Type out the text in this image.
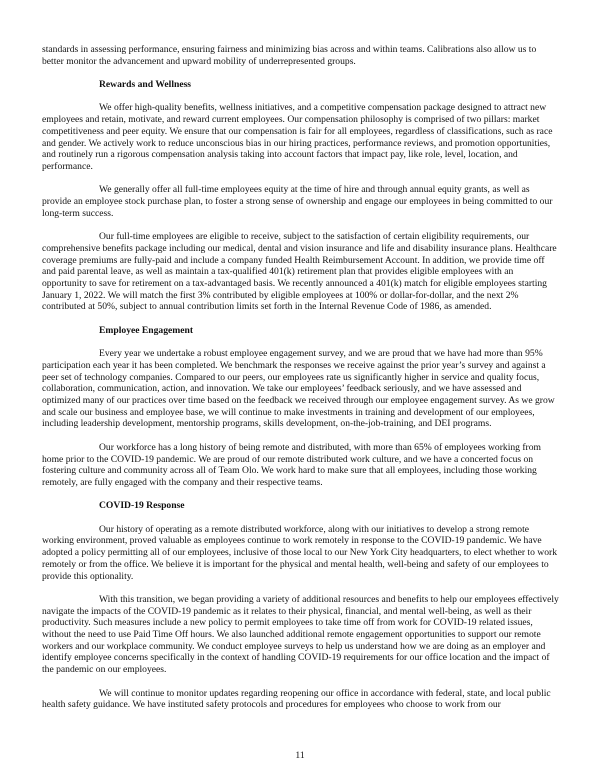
standards in assessing performance, ensuring fairness and minimizing bias across and within teams. Calibrations also allow us to better monitor the advancement and upward mobility of underrepresented groups.

Rewards and Wellness

We offer high-quality benefits, wellness initiatives, and a competitive compensation package designed to attract new employees and retain, motivate, and reward current employees. Our compensation philosophy is comprised of two pillars: market competitiveness and peer equity. We ensure that our compensation is fair for all employees, regardless of classifications, such as race and gender. We actively work to reduce unconscious bias in our hiring practices, performance reviews, and promotion opportunities, and routinely run a rigorous compensation analysis taking into account factors that impact pay, like role, level, location, and performance.

We generally offer all full-time employees equity at the time of hire and through annual equity grants, as well as provide an employee stock purchase plan, to foster a strong sense of ownership and engage our employees in being committed to our long-term success.

Our full-time employees are eligible to receive, subject to the satisfaction of certain eligibility requirements, our comprehensive benefits package including our medical, dental and vision insurance and life and disability insurance plans. Healthcare coverage premiums are fully-paid and include a company funded Health Reimbursement Account. In addition, we provide time off and paid parental leave, as well as maintain a tax-qualified 401(k) retirement plan that provides eligible employees with an opportunity to save for retirement on a tax-advantaged basis. We recently announced a 401(k) match for eligible employees starting January 1, 2022. We will match the first 3% contributed by eligible employees at 100% or dollar-for-dollar, and the next 2% contributed at 50%, subject to annual contribution limits set forth in the Internal Revenue Code of 1986, as amended.

Employee Engagement

Every year we undertake a robust employee engagement survey, and we are proud that we have had more than 95% participation each year it has been completed. We benchmark the responses we receive against the prior year’s survey and against a peer set of technology companies. Compared to our peers, our employees rate us significantly higher in service and quality focus, collaboration, communication, action, and innovation. We take our employees’ feedback seriously, and we have assessed and optimized many of our practices over time based on the feedback we received through our employee engagement survey. As we grow and scale our business and employee base, we will continue to make investments in training and development of our employees, including leadership development, mentorship programs, skills development, on-the-job-training, and DEI programs.

Our workforce has a long history of being remote and distributed, with more than 65% of employees working from home prior to the COVID-19 pandemic. We are proud of our remote distributed work culture, and we have a concerted focus on fostering culture and community across all of Team Olo. We work hard to make sure that all employees, including those working remotely, are fully engaged with the company and their respective teams.

COVID-19 Response

Our history of operating as a remote distributed workforce, along with our initiatives to develop a strong remote working environment, proved valuable as employees continue to work remotely in response to the COVID-19 pandemic. We have adopted a policy permitting all of our employees, inclusive of those local to our New York City headquarters, to elect whether to work remotely or from the office. We believe it is important for the physical and mental health, well-being and safety of our employees to provide this optionality.

With this transition, we began providing a variety of additional resources and benefits to help our employees effectively navigate the impacts of the COVID-19 pandemic as it relates to their physical, financial, and mental well-being, as well as their productivity. Such measures include a new policy to permit employees to take time off from work for COVID-19 related issues, without the need to use Paid Time Off hours. We also launched additional remote engagement opportunities to support our remote workers and our workplace community. We conduct employee surveys to help us understand how we are doing as an employer and identify employee concerns specifically in the context of handling COVID-19 requirements for our office location and the impact of the pandemic on our employees.

We will continue to monitor updates regarding reopening our office in accordance with federal, state, and local public health safety guidance. We have instituted safety protocols and procedures for employees who choose to work from our

11
